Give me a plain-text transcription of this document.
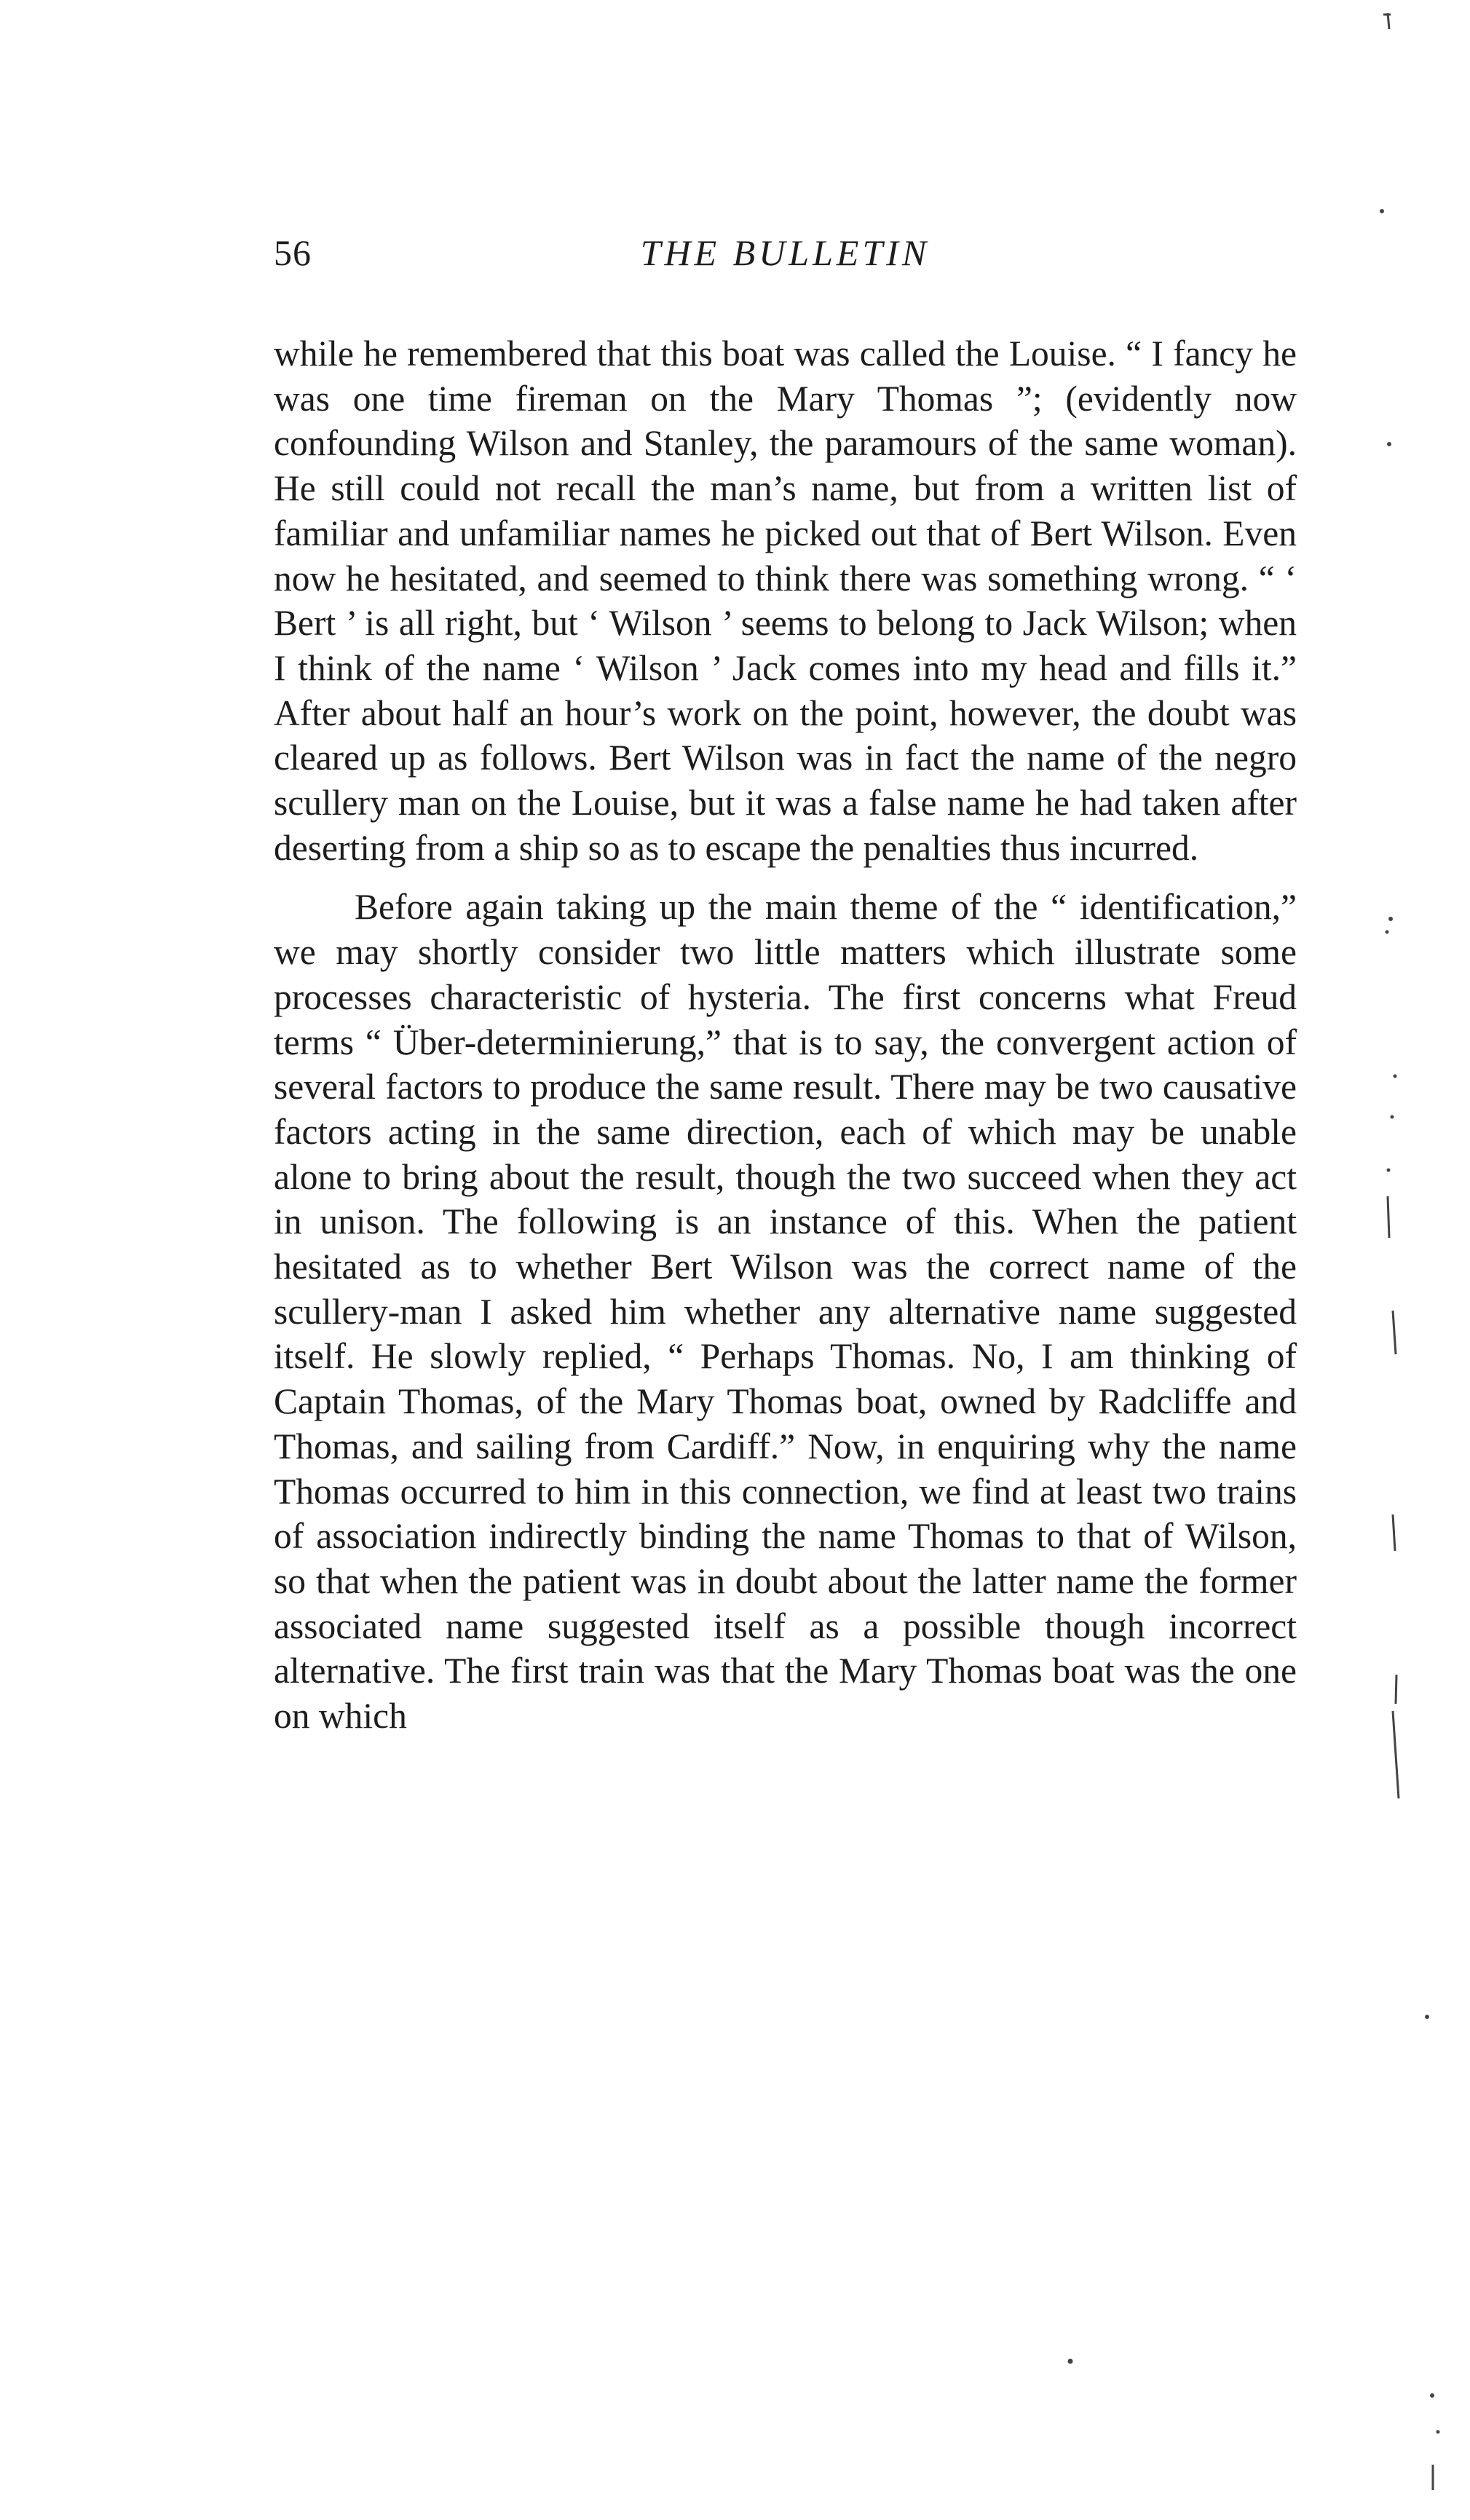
56	THE BULLETIN

while he remembered that this boat was called the Louise. “ I fancy he was one time fireman on the Mary Thomas ”; (evidently now confounding Wilson and Stanley, the paramours of the same woman). He still could not recall the man’s name, but from a written list of familiar and unfamiliar names he picked out that of Bert Wilson. Even now he hesitated, and seemed to think there was something wrong. “ ‘ Bert ’ is all right, but ‘ Wilson ’ seems to belong to Jack Wilson; when I think of the name ‘ Wilson ’ Jack comes into my head and fills it.” After about half an hour’s work on the point, however, the doubt was cleared up as follows. Bert Wilson was in fact the name of the negro scullery man on the Louise, but it was a false name he had taken after deserting from a ship so as to escape the penalties thus incurred.

Before again taking up the main theme of the “ identification,” we may shortly consider two little matters which illustrate some processes characteristic of hysteria. The first concerns what Freud terms “ Über-determinierung,” that is to say, the convergent action of several factors to produce the same result. There may be two causative factors acting in the same direction, each of which may be unable alone to bring about the result, though the two succeed when they act in unison. The following is an instance of this. When the patient hesitated as to whether Bert Wilson was the correct name of the scullery-man I asked him whether any alternative name suggested itself. He slowly replied, “ Perhaps Thomas. No, I am thinking of Captain Thomas, of the Mary Thomas boat, owned by Radcliffe and Thomas, and sailing from Cardiff.” Now, in enquiring why the name Thomas occurred to him in this connection, we find at least two trains of association indirectly binding the name Thomas to that of Wilson, so that when the patient was in doubt about the latter name the former associated name suggested itself as a possible though incorrect alternative. The first train was that the Mary Thomas boat was the one on which
